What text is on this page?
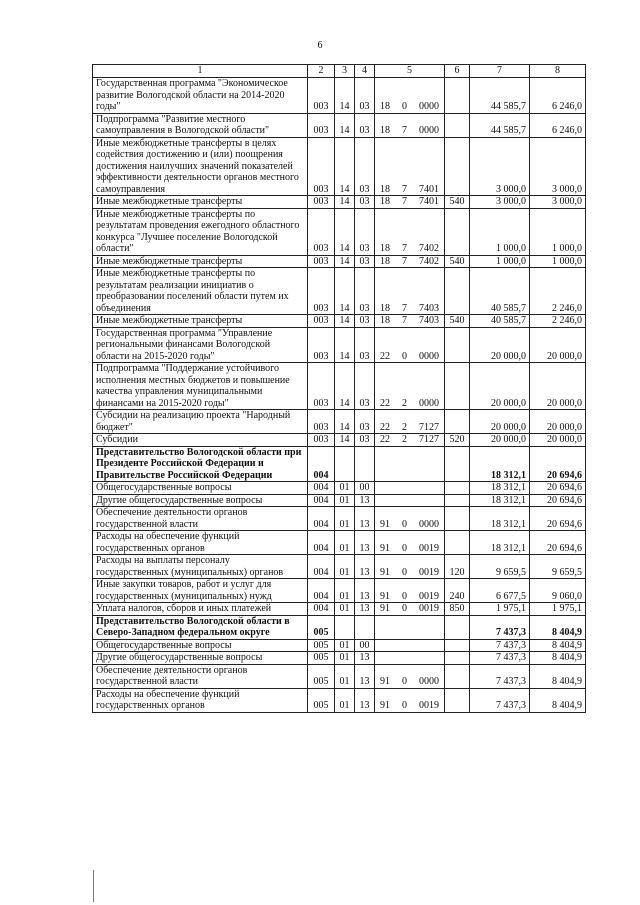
6
1	2	3	4	5	6	7	8
Государственная программа "Экономическое развитие Вологодской области на 2014-2020 годы"	003	14	03	18 0 0000		44 585,7	6 246,0
Подпрограмма "Развитие местного самоуправления в Вологодской области"	003	14	03	18 7 0000		44 585,7	6 246,0
Иные межбюджетные трансферты в целях содействия достижению и (или) поощрения достижения наилучших значений показателей эффективности деятельности органов местного самоуправления	003	14	03	18 7 7401		3 000,0	3 000,0
Иные межбюджетные трансферты	003	14	03	18 7 7401	540	3 000,0	3 000,0
Иные межбюджетные трансферты по результатам проведения ежегодного областного конкурса "Лучшее поселение Вологодской области"	003	14	03	18 7 7402		1 000,0	1 000,0
Иные межбюджетные трансферты	003	14	03	18 7 7402	540	1 000,0	1 000,0
Иные межбюджетные трансферты по результатам реализации инициатив о преобразовании поселений области путем их объединения	003	14	03	18 7 7403		40 585,7	2 246,0
Иные межбюджетные трансферты	003	14	03	18 7 7403	540	40 585,7	2 246,0
Государственная программа "Управление региональными финансами Вологодской области на 2015-2020 годы"	003	14	03	22 0 0000		20 000,0	20 000,0
Подпрограмма "Поддержание устойчивого исполнения местных бюджетов и повышение качества управления муниципальными финансами на 2015-2020 годы"	003	14	03	22 2 0000		20 000,0	20 000,0
Субсидии на реализацию проекта "Народный бюджет"	003	14	03	22 2 7127		20 000,0	20 000,0
Субсидии	003	14	03	22 2 7127	520	20 000,0	20 000,0
Представительство Вологодской области при Президенте Российской Федерации и Правительстве Российской Федерации	004					18 312,1	20 694,6
Общегосударственные вопросы	004	01	00			18 312,1	20 694,6
Другие общегосударственные вопросы	004	01	13			18 312,1	20 694,6
Обеспечение деятельности органов государственной власти	004	01	13	91 0 0000		18 312,1	20 694,6
Расходы на обеспечение функций государственных органов	004	01	13	91 0 0019		18 312,1	20 694,6
Расходы на выплаты персоналу государственных (муниципальных) органов	004	01	13	91 0 0019	120	9 659,5	9 659,5
Иные закупки товаров, работ и услуг для государственных (муниципальных) нужд	004	01	13	91 0 0019	240	6 677,5	9 060,0
Уплата налогов, сборов и иных платежей	004	01	13	91 0 0019	850	1 975,1	1 975,1
Представительство Вологодской области в Северо-Западном федеральном округе	005					7 437,3	8 404,9
Общегосударственные вопросы	005	01	00			7 437,3	8 404,9
Другие общегосударственные вопросы	005	01	13			7 437,3	8 404,9
Обеспечение деятельности органов государственной власти	005	01	13	91 0 0000		7 437,3	8 404,9
Расходы на обеспечение функций государственных органов	005	01	13	91 0 0019		7 437,3	8 404,9
